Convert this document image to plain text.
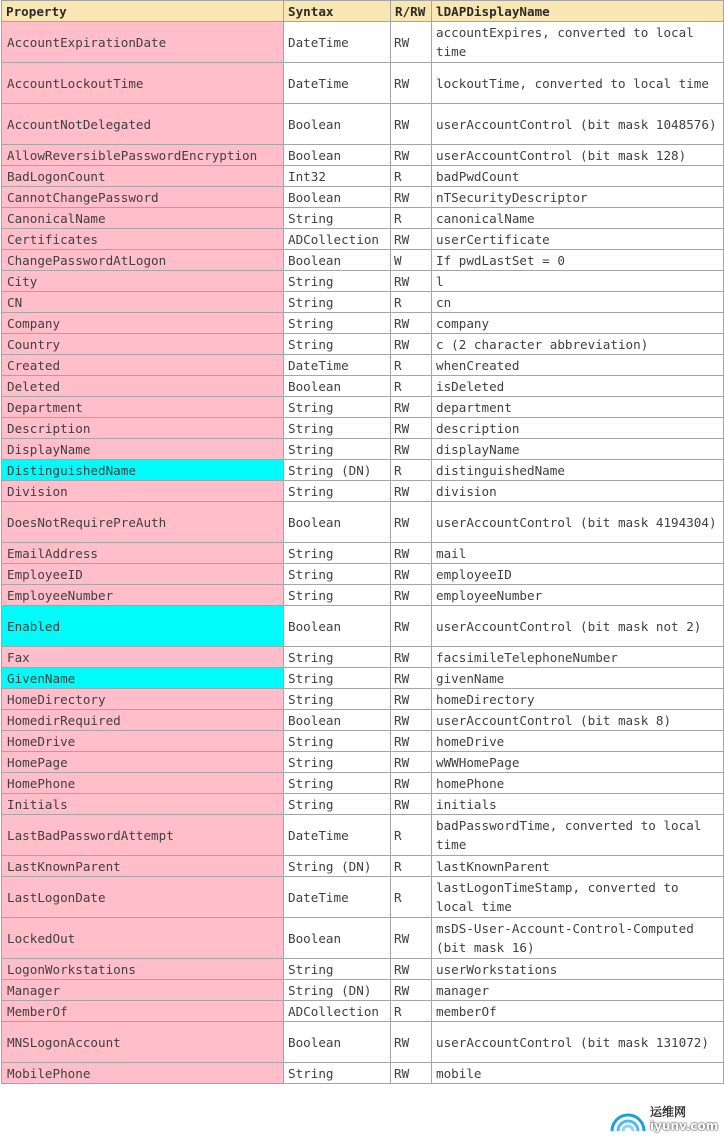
Property	Syntax	R/RW	lDAPDisplayName
AccountExpirationDate	DateTime	RW	accountExpires, converted to local time
AccountLockoutTime	DateTime	RW	lockoutTime, converted to local time
AccountNotDelegated	Boolean	RW	userAccountControl (bit mask 1048576)
AllowReversiblePasswordEncryption	Boolean	RW	userAccountControl (bit mask 128)
BadLogonCount	Int32	R	badPwdCount
CannotChangePassword	Boolean	RW	nTSecurityDescriptor
CanonicalName	String	R	canonicalName
Certificates	ADCollection	RW	userCertificate
ChangePasswordAtLogon	Boolean	W	If pwdLastSet = 0
City	String	RW	l
CN	String	R	cn
Company	String	RW	company
Country	String	RW	c (2 character abbreviation)
Created	DateTime	R	whenCreated
Deleted	Boolean	R	isDeleted
Department	String	RW	department
Description	String	RW	description
DisplayName	String	RW	displayName
DistinguishedName	String (DN)	R	distinguishedName
Division	String	RW	division
DoesNotRequirePreAuth	Boolean	RW	userAccountControl (bit mask 4194304)
EmailAddress	String	RW	mail
EmployeeID	String	RW	employeeID
EmployeeNumber	String	RW	employeeNumber
Enabled	Boolean	RW	userAccountControl (bit mask not 2)
Fax	String	RW	facsimileTelephoneNumber
GivenName	String	RW	givenName
HomeDirectory	String	RW	homeDirectory
HomedirRequired	Boolean	RW	userAccountControl (bit mask 8)
HomeDrive	String	RW	homeDrive
HomePage	String	RW	wWWHomePage
HomePhone	String	RW	homePhone
Initials	String	RW	initials
LastBadPasswordAttempt	DateTime	R	badPasswordTime, converted to local time
LastKnownParent	String (DN)	R	lastKnownParent
LastLogonDate	DateTime	R	lastLogonTimeStamp, converted to local time
LockedOut	Boolean	RW	msDS-User-Account-Control-Computed (bit mask 16)
LogonWorkstations	String	RW	userWorkstations
Manager	String (DN)	RW	manager
MemberOf	ADCollection	R	memberOf
MNSLogonAccount	Boolean	RW	userAccountControl (bit mask 131072)
MobilePhone	String	RW	mobile
运维网
iyunv.com
